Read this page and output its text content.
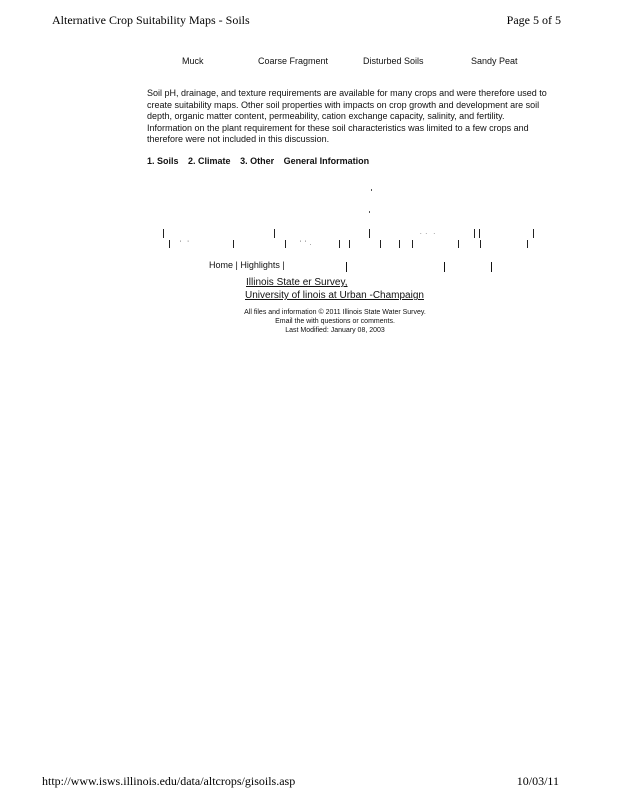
Alternative Crop Suitability Maps - Soils	Page 5 of 5
Muck	Coarse Fragment	Disturbed Soils	Sandy Peat

Soil pH, drainage, and texture requirements are available for many crops and were therefore used to create suitability maps. Other soil properties with impacts on crop growth and development are soil depth, organic matter content, permeability, cation exchange capacity, salinity, and fertility. Information on the plant requirement for these soil characteristics was limited to a few crops and therefore were not included in this discussion.

1. Soils 2. Climate 3. Other General Information
'  '	' ' .
. .  .
Home | Highlights |
Illinois State er Survey,
University of linois at Urban -Champaign
All files and information © 2011 Illinois State Water Survey.
Email the with questions or comments.
Last Modified: January 08, 2003
http://www.isws.illinois.edu/data/altcrops/gisoils.asp	10/03/11
